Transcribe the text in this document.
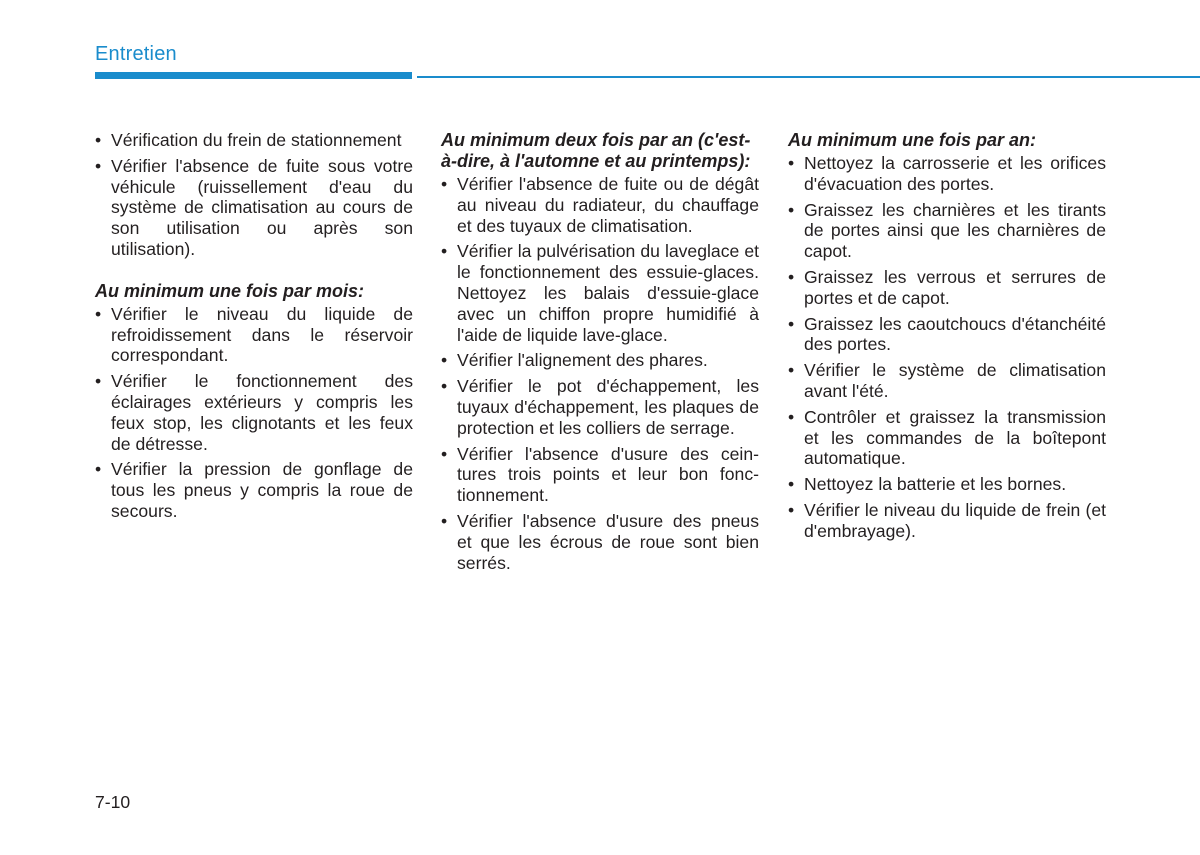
Entretien
• Vérification du frein de stationnement
• Vérifier l'absence de fuite sous votre véhicule (ruissellement d'eau du système de climatisation au cours de son utilisation ou après son utilisation).
Au minimum une fois par mois:
• Vérifier le niveau du liquide de refroidissement dans le réservoir correspondant.
• Vérifier le fonctionnement des éclairages extérieurs y compris les feux stop, les clignotants et les feux de détresse.
• Vérifier la pression de gonflage de tous les pneus y compris la roue de secours.
Au minimum deux fois par an (c'est-à-dire, à l'automne et au printemps):
• Vérifier l'absence de fuite ou de dégât au niveau du radiateur, du chauffage et des tuyaux de climatisation.
• Vérifier la pulvérisation du laveglace et le fonctionnement des essuie-glaces. Nettoyez les balais d'essuie-glace avec un chiffon propre humidifié à l'aide de liquide lave-glace.
• Vérifier l'alignement des phares.
• Vérifier le pot d'échappement, les tuyaux d'échappement, les plaques de protection et les colliers de serrage.
• Vérifier l'absence d'usure des ceintures trois points et leur bon fonctionnement.
• Vérifier l'absence d'usure des pneus et que les écrous de roue sont bien serrés.
Au minimum une fois par an:
• Nettoyez la carrosserie et les orifices d'évacuation des portes.
• Graissez les charnières et les tirants de portes ainsi que les charnières de capot.
• Graissez les verrous et serrures de portes et de capot.
• Graissez les caoutchoucs d'étanchéité des portes.
• Vérifier le système de climatisation avant l'été.
• Contrôler et graissez la transmission et les commandes de la boîtepont automatique.
• Nettoyez la batterie et les bornes.
• Vérifier le niveau du liquide de frein (et d'embrayage).
7-10
